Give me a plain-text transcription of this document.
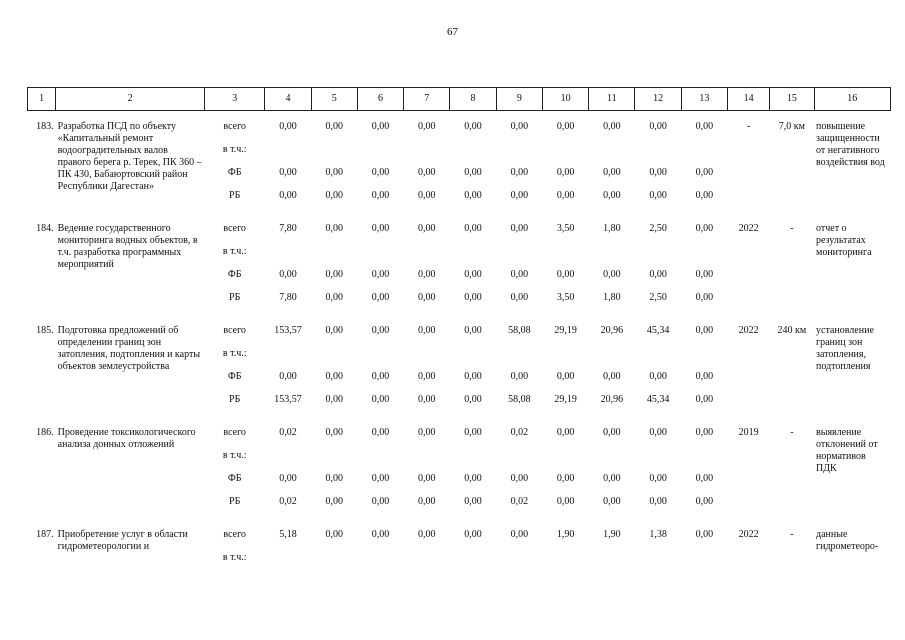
67
1	2	3	4	5	6	7	8	9	10	11	12	13	14	15	16

183.	Разработка ПСД по объекту «Капитальный ремонт водооградительных валов правого берега р. Терек, ПК 360 – ПК 430, Бабаюртовский район Республики Дагестан»	всего	0,00	0,00	0,00	0,00	0,00	0,00	0,00	0,00	0,00	0,00	-	7,0 км	повышение защищенности от негативного воздействия вод
		в т.ч.:													
		ФБ	0,00	0,00	0,00	0,00	0,00	0,00	0,00	0,00	0,00	0,00			
		РБ	0,00	0,00	0,00	0,00	0,00	0,00	0,00	0,00	0,00	0,00			

184.	Ведение государственного мониторинга водных объектов, в т.ч. разработка программных мероприятий	всего	7,80	0,00	0,00	0,00	0,00	0,00	3,50	1,80	2,50	0,00	2022	-	отчет о результатах мониторинга
		в т.ч.:													
		ФБ	0,00	0,00	0,00	0,00	0,00	0,00	0,00	0,00	0,00	0,00			
		РБ	7,80	0,00	0,00	0,00	0,00	0,00	3,50	1,80	2,50	0,00			

185.	Подготовка предложений об определении границ зон затопления, подтопления и карты объектов землеустройства	всего	153,57	0,00	0,00	0,00	0,00	58,08	29,19	20,96	45,34	0,00	2022	240 км	установление границ зон затопления, подтопления
		в т.ч.:													
		ФБ	0,00	0,00	0,00	0,00	0,00	0,00	0,00	0,00	0,00	0,00			
		РБ	153,57	0,00	0,00	0,00	0,00	58,08	29,19	20,96	45,34	0,00			

186.	Проведение токсикологического анализа донных отложений	всего	0,02	0,00	0,00	0,00	0,00	0,02	0,00	0,00	0,00	0,00	2019	-	выявление отклонений от нормативов ПДК
		в т.ч.:													
		ФБ	0,00	0,00	0,00	0,00	0,00	0,00	0,00	0,00	0,00	0,00			
		РБ	0,02	0,00	0,00	0,00	0,00	0,02	0,00	0,00	0,00	0,00			

187.	Приобретение услуг в области гидрометеорологии и	всего	5,18	0,00	0,00	0,00	0,00	0,00	1,90	1,90	1,38	0,00	2022	-	данные гидрометеоро-
		в т.ч.:													
